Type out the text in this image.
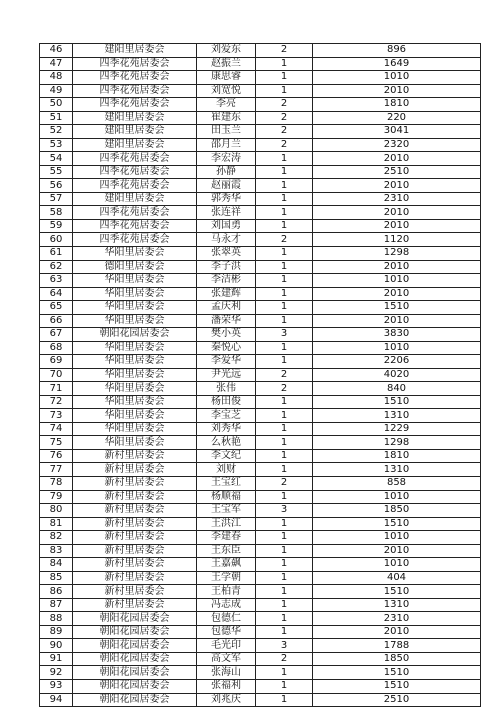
46	建阳里居委会	刘爱东	2	896
47	四季花苑居委会	赵振兰	1	1649
48	四季花苑居委会	康思睿	1	1010
49	四季花苑居委会	刘宽悦	1	2010
50	四季花苑居委会	李亮	2	1810
51	建阳里居委会	崔建东	2	220
52	建阳里居委会	田玉兰	2	3041
53	建阳里居委会	邵月兰	2	2320
54	四季花苑居委会	李宏涛	1	2010
55	四季花苑居委会	孙静	1	2510
56	四季花苑居委会	赵丽霞	1	2010
57	建阳里居委会	郭秀华	1	2310
58	四季花苑居委会	张连祥	1	2010
59	四季花苑居委会	刘国勇	1	2010
60	四季花苑居委会	马永才	2	1120
61	华阳里居委会	张翠英	1	1298
62	德阳里居委会	李子洪	1	2010
63	华阳里居委会	李洁彬	1	1010
64	华阳里居委会	张建辉	1	2010
65	华阳里居委会	孟庆利	1	1510
66	华阳里居委会	潘荣华	1	2010
67	朝阳花园居委会	樊小英	3	3830
68	华阳里居委会	秦悦心	1	1010
69	华阳里居委会	李爱华	1	2206
70	华阳里居委会	尹光远	2	4020
71	华阳里居委会	张伟	2	840
72	华阳里居委会	杨田俊	1	1510
73	华阳里居委会	李宝芝	1	1310
74	华阳里居委会	刘秀华	1	1229
75	华阳里居委会	么秋艳	1	1298
76	新村里居委会	李文纪	1	1810
77	新村里居委会	刘财	1	1310
78	新村里居委会	王宝红	2	858
79	新村里居委会	杨顺福	1	1010
80	新村里居委会	王宝军	3	1850
81	新村里居委会	王洪江	1	1510
82	新村里居委会	李建春	1	1010
83	新村里居委会	王东臣	1	2010
84	新村里居委会	王嘉飙	1	1010
85	新村里居委会	王学朝	1	404
86	新村里居委会	王柏青	1	1510
87	新村里居委会	冯志成	1	1310
88	朝阳花园居委会	包德仁	1	2310
89	朝阳花园居委会	包德华	1	2010
90	朝阳花园居委会	毛光印	3	1788
91	朝阳花园居委会	高文军	2	1850
92	朝阳花园居委会	张海山	1	1510
93	朝阳花园居委会	张福利	1	1510
94	朝阳花园居委会	刘兆庆	1	2510
